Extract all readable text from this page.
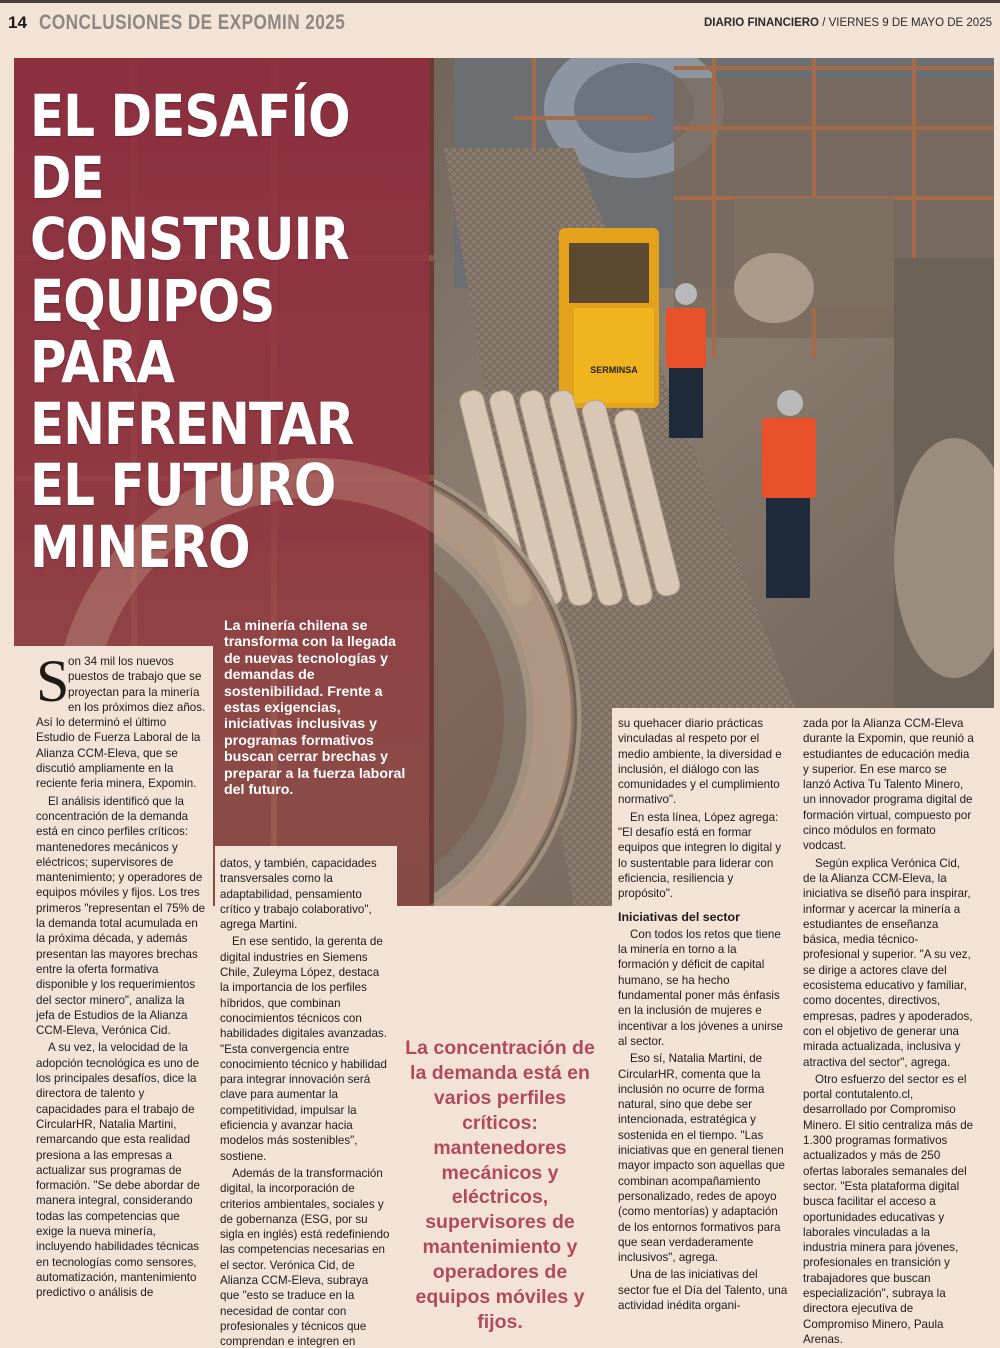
14 CONCLUSIONES DE EXPOMIN 2025	DIARIO FINANCIERO / VIERNES 9 DE MAYO DE 2025
SERMINSA
EL DESAFÍO
DE
CONSTRUIR
EQUIPOS
PARA
ENFRENTAR
EL FUTURO
MINERO
La minería chilena se transforma con la llegada de nuevas tecnologías y demandas de sostenibilidad. Frente a estas exigencias, iniciativas inclusivas y programas formativos buscan cerrar brechas y preparar a la fuerza laboral del futuro.

S
on 34 mil los nuevos puestos de trabajo que se proyectan para la minería en los próximos diez años. Así lo determinó el último Estudio de Fuerza Laboral de la Alianza CCM-Eleva, que se discutió ampliamente en la reciente feria minera, Expomin.

El análisis identificó que la concentración de la demanda está en cinco perfiles críticos: mantenedores mecánicos y eléctricos; supervisores de mantenimiento; y operadores de equipos móviles y fijos. Los tres primeros "representan el 75% de la demanda total acumulada en la próxima década, y además presentan las mayores brechas entre la oferta formativa disponible y los requerimientos del sector minero", analiza la jefa de Estudios de la Alianza CCM-Eleva, Verónica Cid.

A su vez, la velocidad de la adopción tecnológica es uno de los principales desafíos, dice la directora de talento y capacidades para el trabajo de CircularHR, Natalia Martini, remarcando que esta realidad presiona a las empresas a actualizar sus programas de formación. "Se debe abordar de manera integral, considerando todas las competencias que exige la nueva minería, incluyendo habilidades técnicas en tecnologías como sensores, automatización, mantenimiento predictivo o análisis de

datos, y también, capacidades transversales como la adaptabilidad, pensamiento crítico y trabajo colaborativo", agrega Martini.

En ese sentido, la gerenta de digital industries en Siemens Chile, Zuleyma López, destaca la importancia de los perfiles híbridos, que combinan conocimientos técnicos con habilidades digitales avanzadas. "Esta convergencia entre conocimiento técnico y habilidad para integrar innovación será clave para aumentar la competitividad, impulsar la eficiencia y avanzar hacia modelos más sostenibles", sostiene.

Además de la transformación digital, la incorporación de criterios ambientales, sociales y de gobernanza (ESG, por su sigla en inglés) está redefiniendo las competencias necesarias en el sector. Verónica Cid, de Alianza CCM-Eleva, subraya que "esto se traduce en la necesidad de contar con profesionales y técnicos que comprendan e integren en

La concentración de la demanda está en varios perfiles críticos: mantenedores mecánicos y eléctricos, supervisores de mantenimiento y operadores de equipos móviles y fijos.

su quehacer diario prácticas vinculadas al respeto por el medio ambiente, la diversidad e inclusión, el diálogo con las comunidades y el cumplimiento normativo".

En esta línea, López agrega: "El desafío está en formar equipos que integren lo digital y lo sustentable para liderar con eficiencia, resiliencia y propósito".

Iniciativas del sector

Con todos los retos que tiene la minería en torno a la formación y déficit de capital humano, se ha hecho fundamental poner más énfasis en la inclusión de mujeres e incentivar a los jóvenes a unirse al sector.

Eso sí, Natalia Martini, de CircularHR, comenta que la inclusión no ocurre de forma natural, sino que debe ser intencionada, estratégica y sostenida en el tiempo. "Las iniciativas que en general tienen mayor impacto son aquellas que combinan acompañamiento personalizado, redes de apoyo (como mentorías) y adaptación de los entornos formativos para que sean verdaderamente inclusivos", agrega.

Una de las iniciativas del sector fue el Día del Talento, una actividad inédita organi-

zada por la Alianza CCM-Eleva durante la Expomin, que reunió a estudiantes de educación media y superior. En ese marco se lanzó Activa Tu Talento Minero, un innovador programa digital de formación virtual, compuesto por cinco módulos en formato vodcast.

Según explica Verónica Cid, de la Alianza CCM-Eleva, la iniciativa se diseñó para inspirar, informar y acercar la minería a estudiantes de enseñanza básica, media técnico-profesional y superior. "A su vez, se dirige a actores clave del ecosistema educativo y familiar, como docentes, directivos, empresas, padres y apoderados, con el objetivo de generar una mirada actualizada, inclusiva y atractiva del sector", agrega.

Otro esfuerzo del sector es el portal contutalento.cl, desarrollado por Compromiso Minero. El sitio centraliza más de 1.300 programas formativos actualizados y más de 250 ofertas laborales semanales del sector. "Esta plataforma digital busca facilitar el acceso a oportunidades educativas y laborales vinculadas a la industria minera para jóvenes, profesionales en transición y trabajadores que buscan especialización", subraya la directora ejecutiva de Compromiso Minero, Paula Arenas.
